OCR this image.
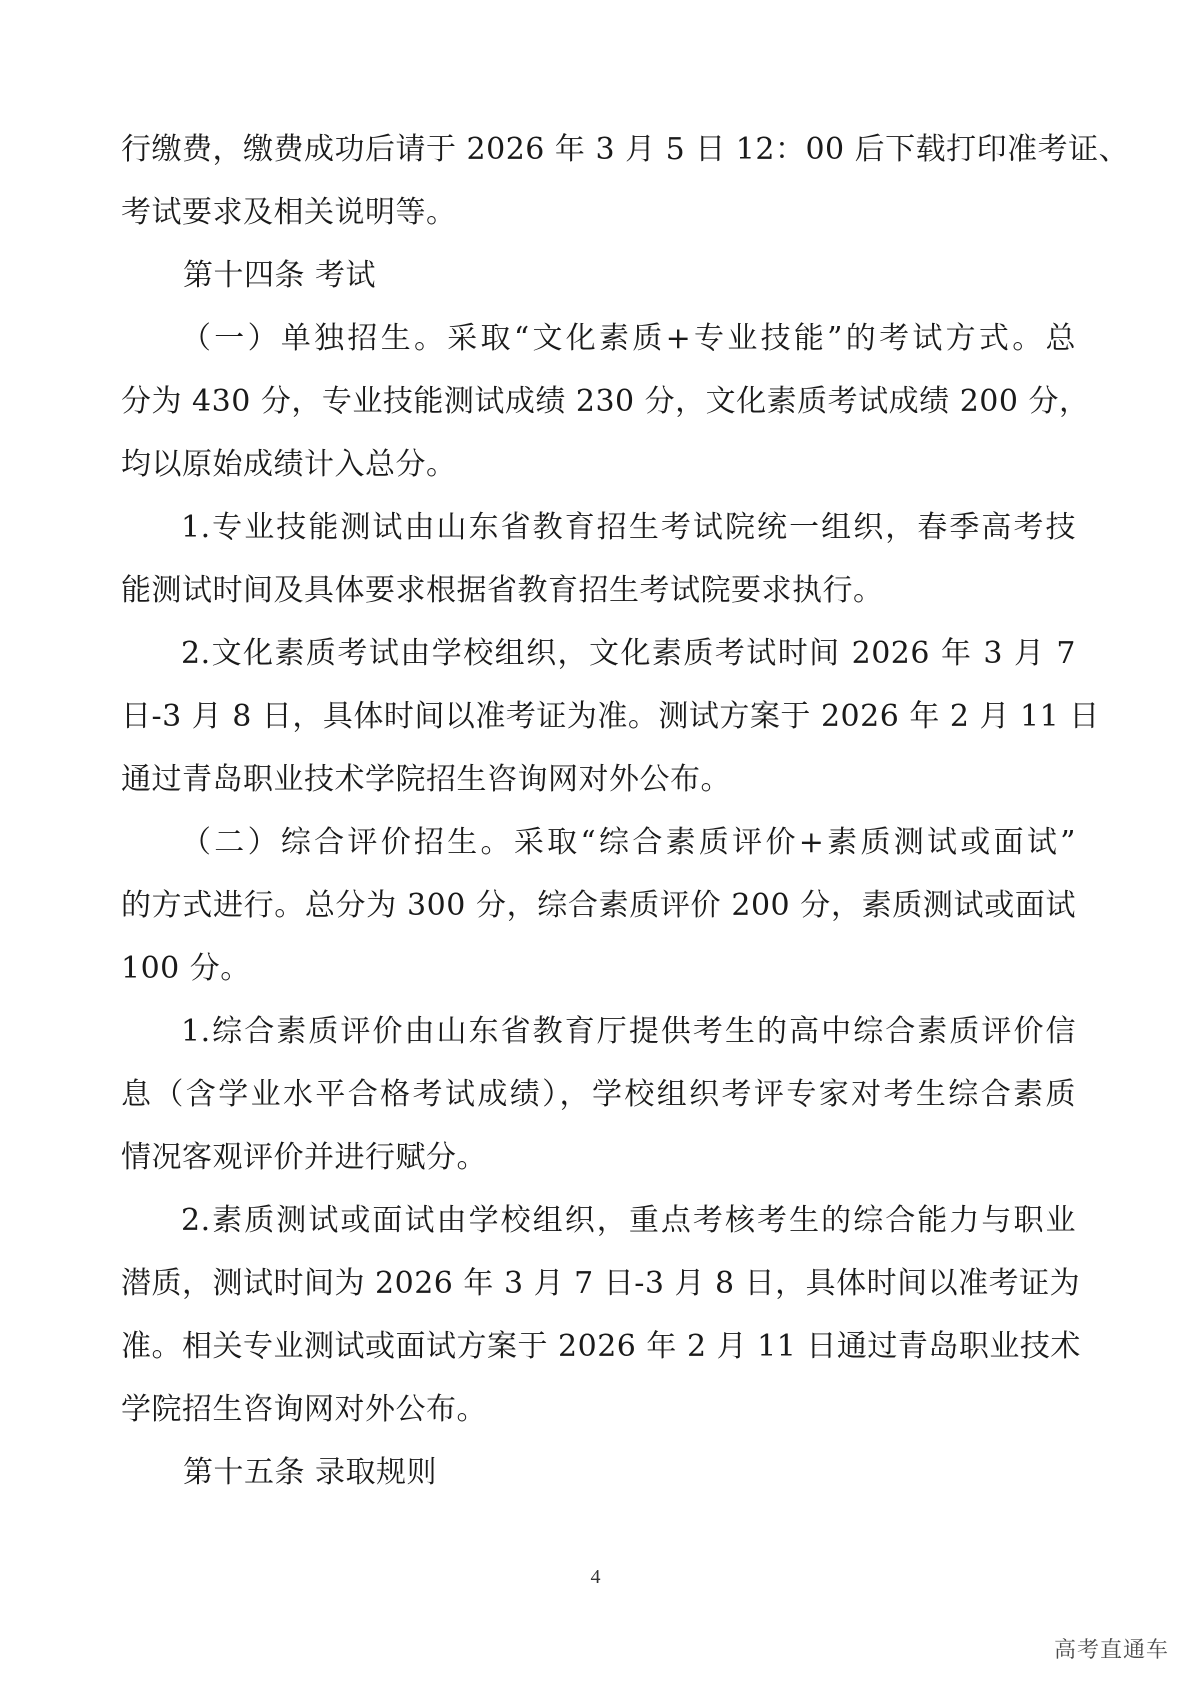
行缴费，缴费成功后请于 2026 年 3 月 5 日 12：00 后下载打印准考证、
考试要求及相关说明等。
第十四条 考试
（一）单独招生。采取“文化素质+专业技能”的考试方式。总
分为 430 分，专业技能测试成绩 230 分，文化素质考试成绩 200 分，
均以原始成绩计入总分。
1.专业技能测试由山东省教育招生考试院统一组织，春季高考技
能测试时间及具体要求根据省教育招生考试院要求执行。
2.文化素质考试由学校组织，文化素质考试时间 2026 年 3 月 7
日-3 月 8 日，具体时间以准考证为准。测试方案于 2026 年 2 月 11 日
通过青岛职业技术学院招生咨询网对外公布。
（二）综合评价招生。采取“综合素质评价+素质测试或面试”
的方式进行。总分为 300 分，综合素质评价 200 分，素质测试或面试
100 分。
1.综合素质评价由山东省教育厅提供考生的高中综合素质评价信
息（含学业水平合格考试成绩），学校组织考评专家对考生综合素质
情况客观评价并进行赋分。
2.素质测试或面试由学校组织，重点考核考生的综合能力与职业
潜质，测试时间为 2026 年 3 月 7 日-3 月 8 日，具体时间以准考证为
准。相关专业测试或面试方案于 2026 年 2 月 11 日通过青岛职业技术
学院招生咨询网对外公布。
第十五条 录取规则
4
高考直通车
